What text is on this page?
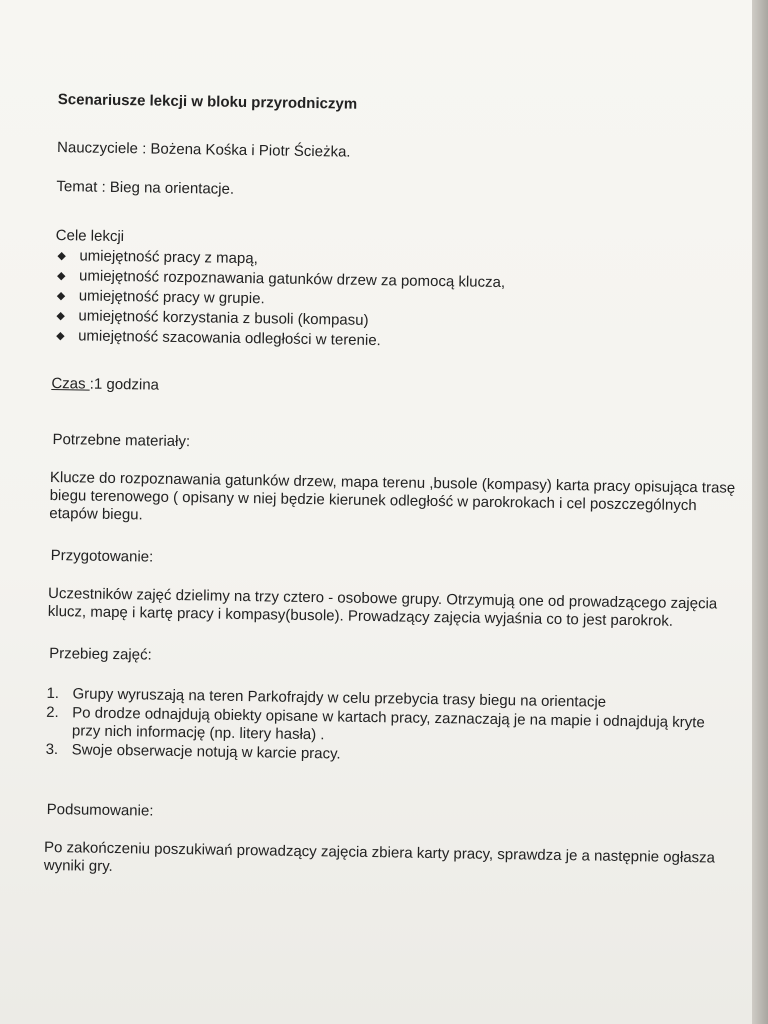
Scenariusze lekcji w bloku przyrodniczym
Nauczyciele : Bożena Kośka i Piotr Ścieżka.
Temat : Bieg na orientacje.
Cele lekcji
◆ umiejętność pracy z mapą,
◆ umiejętność rozpoznawania gatunków drzew za pomocą klucza,
◆ umiejętność pracy w grupie.
◆ umiejętność korzystania z busoli (kompasu)
◆ umiejętność szacowania odległości w terenie.
Czas :1 godzina
Potrzebne materiały:
Klucze do rozpoznawania gatunków drzew, mapa terenu ,busole (kompasy) karta pracy opisująca trasę biegu terenowego ( opisany w niej będzie kierunek odległość w parokrokach i cel poszczególnych etapów biegu.
Przygotowanie:
Uczestników zajęć dzielimy na trzy cztero - osobowe grupy. Otrzymują one od prowadzącego zajęcia klucz, mapę i kartę pracy i kompasy(busole). Prowadzący zajęcia wyjaśnia co to jest parokrok.
Przebieg zajęć:
1. Grupy wyruszają na teren Parkofrajdy w celu przebycia trasy biegu na orientacje
2. Po drodze odnajdują obiekty opisane w kartach pracy, zaznaczają je na mapie i odnajdują kryte przy nich informację (np. litery hasła) .
3. Swoje obserwacje notują w karcie pracy.
Podsumowanie:
Po zakończeniu poszukiwań prowadzący zajęcia zbiera karty pracy, sprawdza je a następnie ogłasza wyniki gry.
